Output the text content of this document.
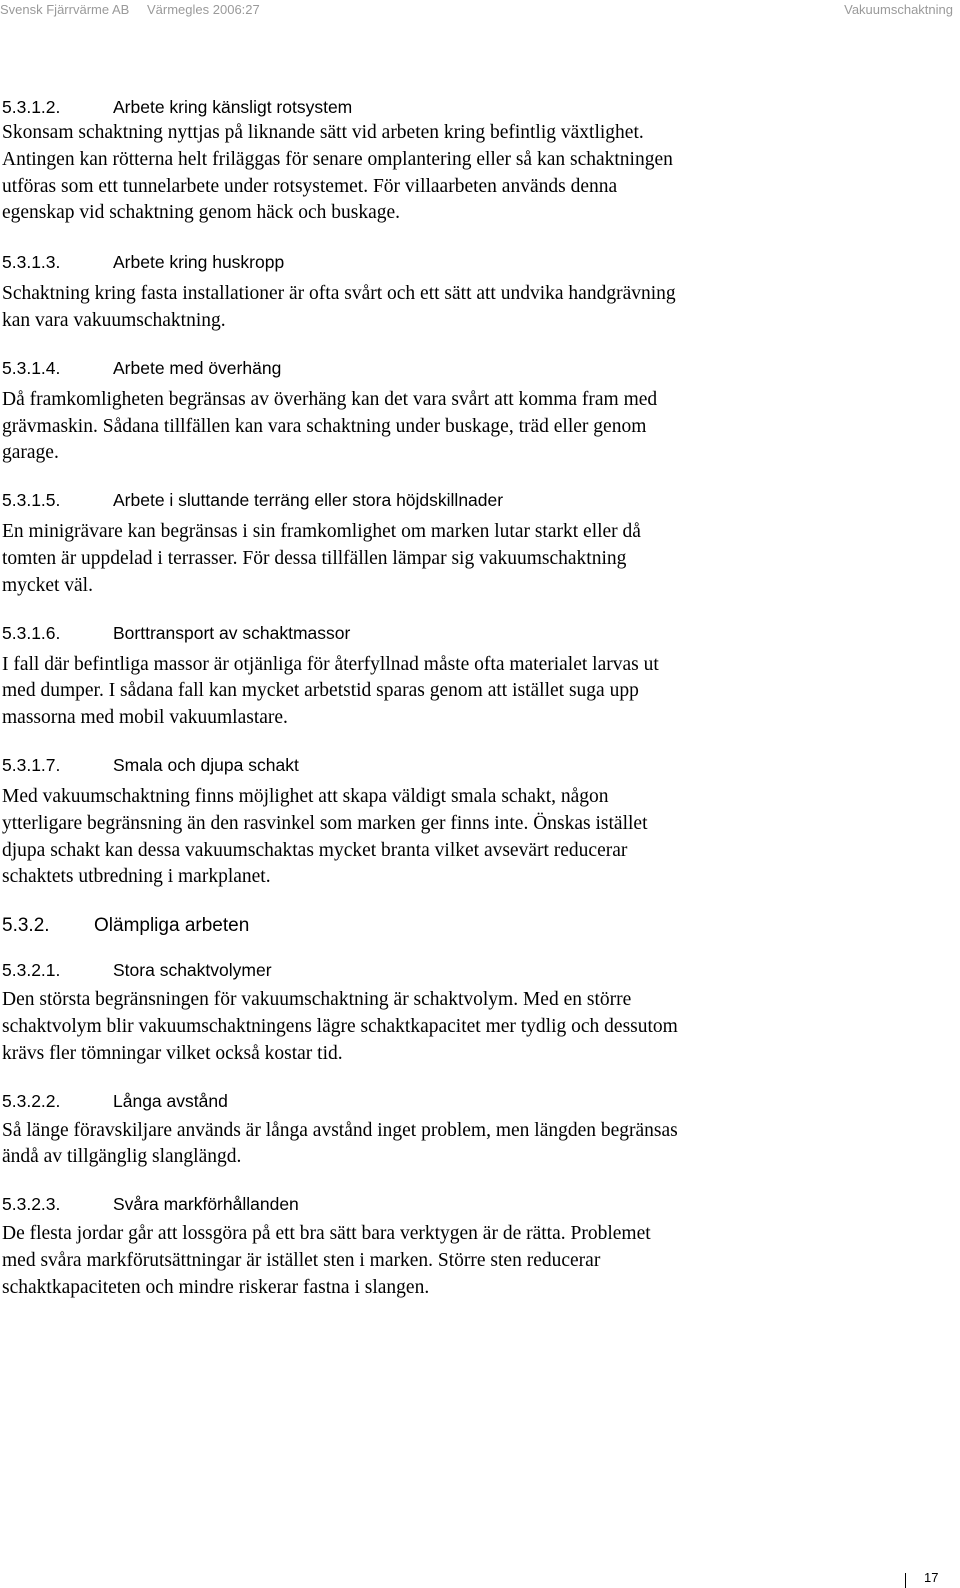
Svensk Fjärrvärme AB Värmegles 2006:27	Vakuumschaktning
5.3.1.2.	Arbete kring känsligt rotsystem

Skonsam schaktning nyttjas på liknande sätt vid arbeten kring befintlig växtlighet.
Antingen kan rötterna helt friläggas för senare omplantering eller så kan schaktningen
utföras som ett tunnelarbete under rotsystemet. För villaarbeten används denna
egenskap vid schaktning genom häck och buskage.

5.3.1.3.	Arbete kring huskropp

Schaktning kring fasta installationer är ofta svårt och ett sätt att undvika handgrävning
kan vara vakuumschaktning.

5.3.1.4.	Arbete med överhäng

Då framkomligheten begränsas av överhäng kan det vara svårt att komma fram med
grävmaskin. Sådana tillfällen kan vara schaktning under buskage, träd eller genom
garage.

5.3.1.5.	Arbete i sluttande terräng eller stora höjdskillnader

En minigrävare kan begränsas i sin framkomlighet om marken lutar starkt eller då
tomten är uppdelad i terrasser. För dessa tillfällen lämpar sig vakuumschaktning
mycket väl.

5.3.1.6.	Borttransport av schaktmassor

I fall där befintliga massor är otjänliga för återfyllnad måste ofta materialet larvas ut
med dumper. I sådana fall kan mycket arbetstid sparas genom att istället suga upp
massorna med mobil vakuumlastare.

5.3.1.7.	Smala och djupa schakt

Med vakuumschaktning finns möjlighet att skapa väldigt smala schakt, någon
ytterligare begränsning än den rasvinkel som marken ger finns inte. Önskas istället
djupa schakt kan dessa vakuumschaktas mycket branta vilket avsevärt reducerar
schaktets utbredning i markplanet.

5.3.2.	Olämpliga arbeten
5.3.2.1.	Stora schaktvolymer

Den största begränsningen för vakuumschaktning är schaktvolym. Med en större
schaktvolym blir vakuumschaktningens lägre schaktkapacitet mer tydlig och dessutom
krävs fler tömningar vilket också kostar tid.

5.3.2.2.	Långa avstånd

Så länge föravskiljare används är långa avstånd inget problem, men längden begränsas
ändå av tillgänglig slanglängd.

5.3.2.3.	Svåra markförhållanden

De flesta jordar går att lossgöra på ett bra sätt bara verktygen är de rätta. Problemet
med svåra markförutsättningar är istället sten i marken. Större sten reducerar
schaktkapaciteten och mindre riskerar fastna i slangen.

17
